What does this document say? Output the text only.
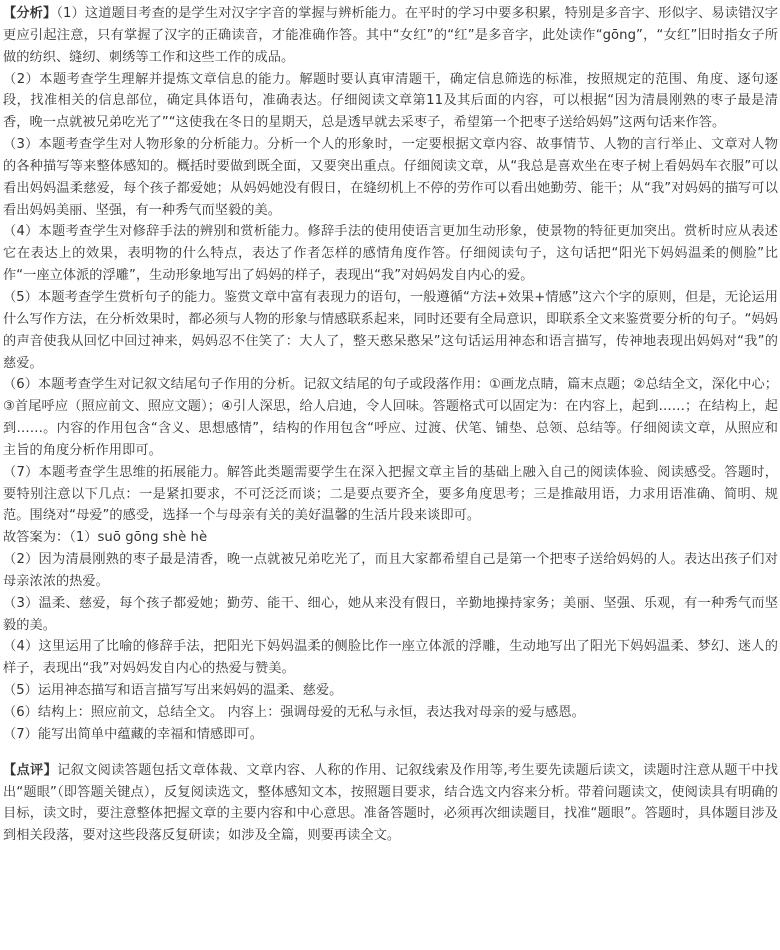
【分析】（1）这道题目考查的是学生对汉字字音的掌握与辨析能力。在平时的学习中要多积累，特别是多音字、形似字、易读错汉字更应引起注意，只有掌握了汉字的正确读音，才能准确作答。其中“女红”的“红”是多音字，此处读作“gōng”，“女红”旧时指女子所做的纺织、缝纫、刺绣等工作和这些工作的成品。

（2）本题考查学生理解并提炼文章信息的能力。解题时要认真审清题干，确定信息筛选的标准，按照规定的范围、角度、逐句逐段，找准相关的信息部位，确定具体语句，准确表达。仔细阅读文章第11及其后面的内容，可以根据“因为清晨刚熟的枣子最是清香，晚一点就被兄弟吃光了”“这使我在冬日的星期天，总是透早就去采枣子，希望第一个把枣子送给妈妈”这两句话来作答。

（3）本题考查学生对人物形象的分析能力。分析一个人的形象时，一定要根据文章内容、故事情节、人物的言行举止、文章对人物的各种描写等来整体感知的。概括时要做到既全面，又要突出重点。仔细阅读文章，从“我总是喜欢坐在枣子树上看妈妈车衣服”可以看出妈妈温柔慈爱，每个孩子都爱她；从妈妈她没有假日，在缝纫机上不停的劳作可以看出她勤劳、能干；从“我”对妈妈的描写可以看出妈妈美丽、坚强，有一种秀气而坚毅的美。

（4）本题考查学生对修辞手法的辨别和赏析能力。修辞手法的使用使语言更加生动形象，使景物的特征更加突出。赏析时应从表述它在表达上的效果，表明物的什么特点，表达了作者怎样的感情角度作答。仔细阅读句子，这句话把“阳光下妈妈温柔的侧脸”比作“一座立体派的浮雕”，生动形象地写出了妈妈的样子，表现出“我”对妈妈发自内心的爱。

（5）本题考查学生赏析句子的能力。鉴赏文章中富有表现力的语句，一般遵循“方法+效果+情感”这六个字的原则，但是，无论运用什么写作方法，在分析效果时，都必须与人物的形象与情感联系起来，同时还要有全局意识，即联系全文来鉴赏要分析的句子。“妈妈的声音使我从回忆中回过神来，妈妈忍不住笑了：大人了，整天憨呆憨呆”这句话运用神态和语言描写，传神地表现出妈妈对“我”的慈爱。

（6）本题考查学生对记叙文结尾句子作用的分析。记叙文结尾的句子或段落作用：①画龙点睛，篇末点题；②总结全文，深化中心；③首尾呼应（照应前文、照应文题）；④引人深思，给人启迪，令人回味。答题格式可以固定为：在内容上，起到……；在结构上，起到……。内容的作用包含“含义、思想感情”，结构的作用包含“呼应、过渡、伏笔、铺垫、总领、总结等。仔细阅读文章，从照应和主旨的角度分析作用即可。

（7）本题考查学生思维的拓展能力。解答此类题需要学生在深入把握文章主旨的基础上融入自己的阅读体验、阅读感受。答题时，要特别注意以下几点：一是紧扣要求，不可泛泛而谈；二是要点要齐全，要多角度思考；三是推敲用语，力求用语准确、简明、规范。围绕对“母爱”的感受，选择一个与母亲有关的美好温馨的生活片段来谈即可。

故答案为：（1）suō gōng shè hè

（2）因为清晨刚熟的枣子最是清香，晚一点就被兄弟吃光了，而且大家都希望自己是第一个把枣子送给妈妈的人。表达出孩子们对母亲浓浓的热爱。

（3）温柔、慈爱，每个孩子都爱她；勤劳、能干、细心，她从来没有假日，辛勤地操持家务；美丽、坚强、乐观，有一种秀气而坚毅的美。

（4）这里运用了比喻的修辞手法，把阳光下妈妈温柔的侧脸比作一座立体派的浮雕，生动地写出了阳光下妈妈温柔、梦幻、迷人的样子，表现出“我”对妈妈发自内心的热爱与赞美。

（5）运用神态描写和语言描写写出来妈妈的温柔、慈爱。

（6）结构上：照应前文，总结全文。 内容上：强调母爱的无私与永恒，表达我对母亲的爱与感恩。

（7）能写出简单中蕴藏的幸福和情感即可。

【点评】记叙文阅读答题包括文章体裁、文章内容、人称的作用、记叙线索及作用等,考生要先读题后读文，读题时注意从题干中找出“题眼”（即答题关键点），反复阅读选文，整体感知文本，按照题目要求，结合选文内容来分析。带着问题读文，使阅读具有明确的目标，读文时，要注意整体把握文章的主要内容和中心意思。准备答题时，必须再次细读题目，找准“题眼”。答题时，具体题目涉及到相关段落，要对这些段落反复研读；如涉及全篇，则要再读全文。
